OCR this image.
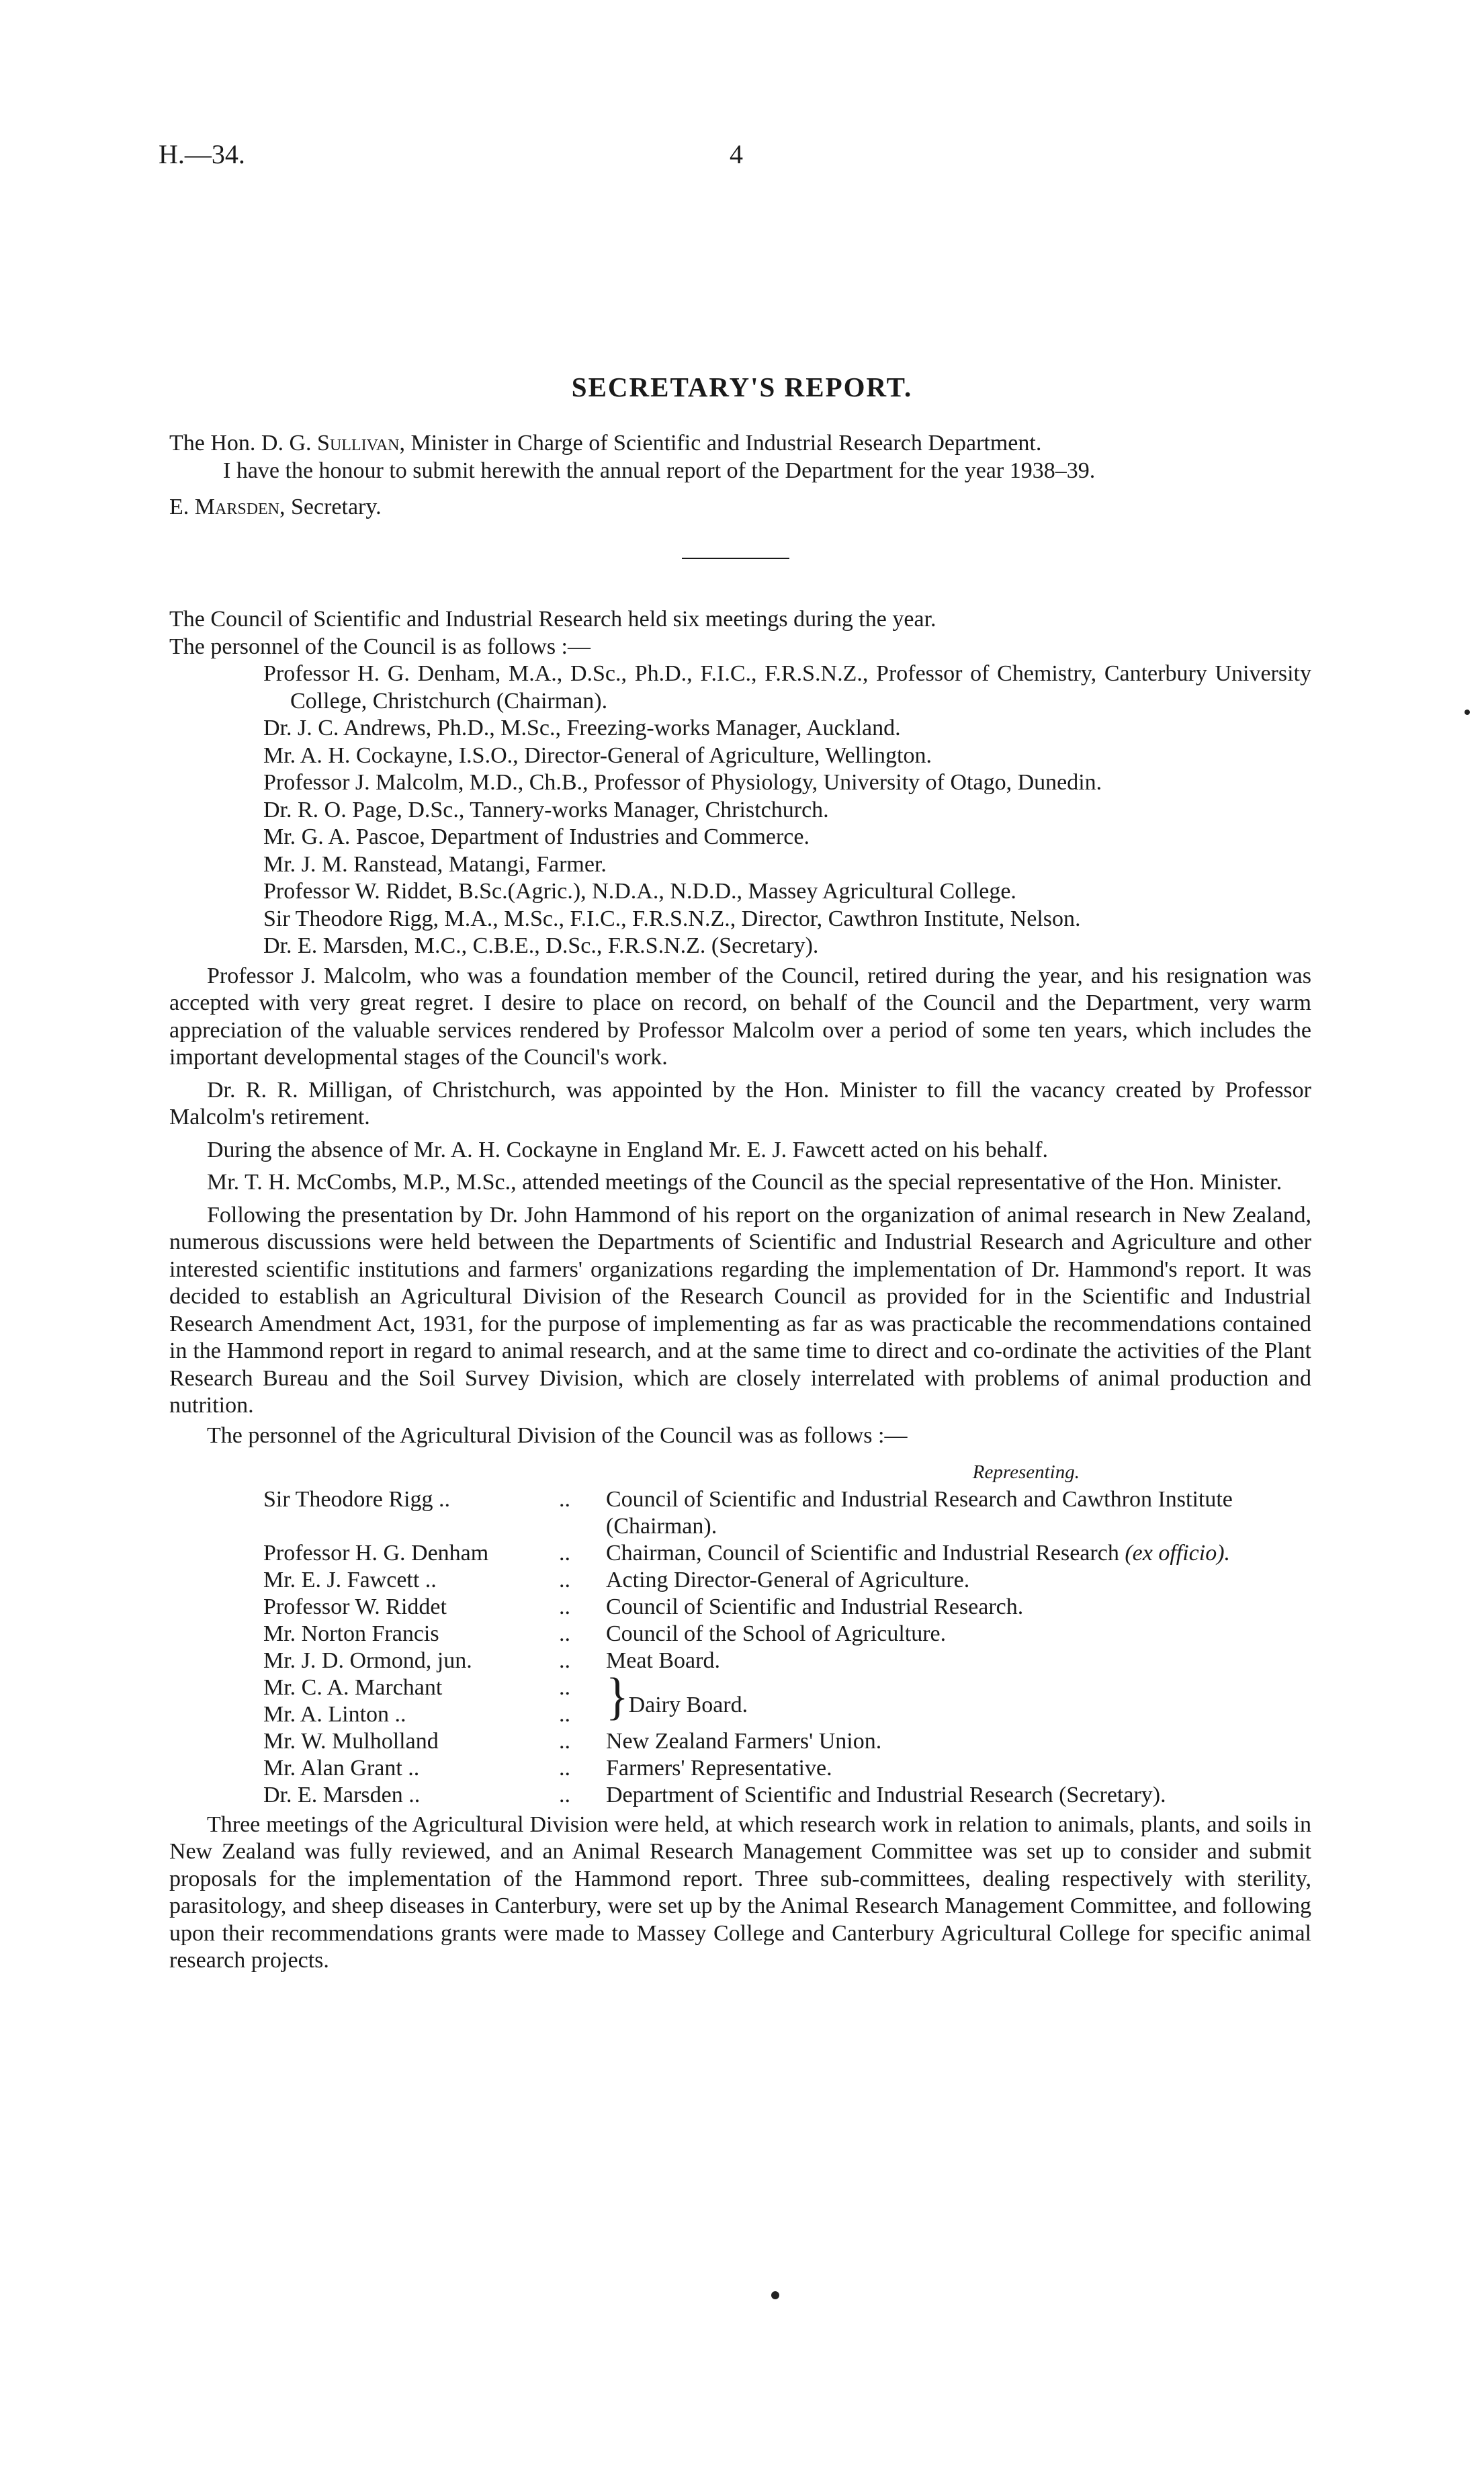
H.—34.	4
SECRETARY'S REPORT.

The Hon. D. G. Sullivan, Minister in Charge of Scientific and Industrial Research Department.

I have the honour to submit herewith the annual report of the Department for the year 1938–39.

E. Marsden, Secretary.

The Council of Scientific and Industrial Research held six meetings during the year.

The personnel of the Council is as follows :—

Professor H. G. Denham, M.A., D.Sc., Ph.D., F.I.C., F.R.S.N.Z., Professor of Chemistry, Canterbury University College, Christchurch (Chairman).
Dr. J. C. Andrews, Ph.D., M.Sc., Freezing-works Manager, Auckland.
Mr. A. H. Cockayne, I.S.O., Director-General of Agriculture, Wellington.
Professor J. Malcolm, M.D., Ch.B., Professor of Physiology, University of Otago, Dunedin.
Dr. R. O. Page, D.Sc., Tannery-works Manager, Christchurch.
Mr. G. A. Pascoe, Department of Industries and Commerce.
Mr. J. M. Ranstead, Matangi, Farmer.
Professor W. Riddet, B.Sc.(Agric.), N.D.A., N.D.D., Massey Agricultural College.
Sir Theodore Rigg, M.A., M.Sc., F.I.C., F.R.S.N.Z., Director, Cawthron Institute, Nelson.
Dr. E. Marsden, M.C., C.B.E., D.Sc., F.R.S.N.Z. (Secretary).

Professor J. Malcolm, who was a foundation member of the Council, retired during the year, and his resignation was accepted with very great regret. I desire to place on record, on behalf of the Council and the Department, very warm appreciation of the valuable services rendered by Professor Malcolm over a period of some ten years, which includes the important developmental stages of the Council's work.

Dr. R. R. Milligan, of Christchurch, was appointed by the Hon. Minister to fill the vacancy created by Professor Malcolm's retirement.

During the absence of Mr. A. H. Cockayne in England Mr. E. J. Fawcett acted on his behalf.

Mr. T. H. McCombs, M.P., M.Sc., attended meetings of the Council as the special representative of the Hon. Minister.

Following the presentation by Dr. John Hammond of his report on the organization of animal research in New Zealand, numerous discussions were held between the Departments of Scientific and Industrial Research and Agriculture and other interested scientific institutions and farmers' organizations regarding the implementation of Dr. Hammond's report. It was decided to establish an Agricultural Division of the Research Council as provided for in the Scientific and Industrial Research Amendment Act, 1931, for the purpose of implementing as far as was practicable the recommendations contained in the Hammond report in regard to animal research, and at the same time to direct and co-ordinate the activities of the Plant Research Bureau and the Soil Survey Division, which are closely interrelated with problems of animal production and nutrition.

The personnel of the Agricultural Division of the Council was as follows :—

Representing.
Sir Theodore Rigg ..	..	Council of Scientific and Industrial Research and Cawthron Institute (Chairman).
Professor H. G. Denham	..	Chairman, Council of Scientific and Industrial Research (ex officio).
Mr. E. J. Fawcett ..	..	Acting Director-General of Agriculture.
Professor W. Riddet	..	Council of Scientific and Industrial Research.
Mr. Norton Francis	..	Council of the School of Agriculture.
Mr. J. D. Ormond, jun.	..	Meat Board.
Mr. C. A. Marchant	..	}Dairy Board.
Mr. A. Linton ..	..	
Mr. W. Mulholland	..	New Zealand Farmers' Union.
Mr. Alan Grant ..	..	Farmers' Representative.
Dr. E. Marsden ..	..	Department of Scientific and Industrial Research (Secretary).

Three meetings of the Agricultural Division were held, at which research work in relation to animals, plants, and soils in New Zealand was fully reviewed, and an Animal Research Management Committee was set up to consider and submit proposals for the implementation of the Hammond report. Three sub-committees, dealing respectively with sterility, parasitology, and sheep diseases in Canterbury, were set up by the Animal Research Management Committee, and following upon their recommendations grants were made to Massey College and Canterbury Agricultural College for specific animal research projects.
